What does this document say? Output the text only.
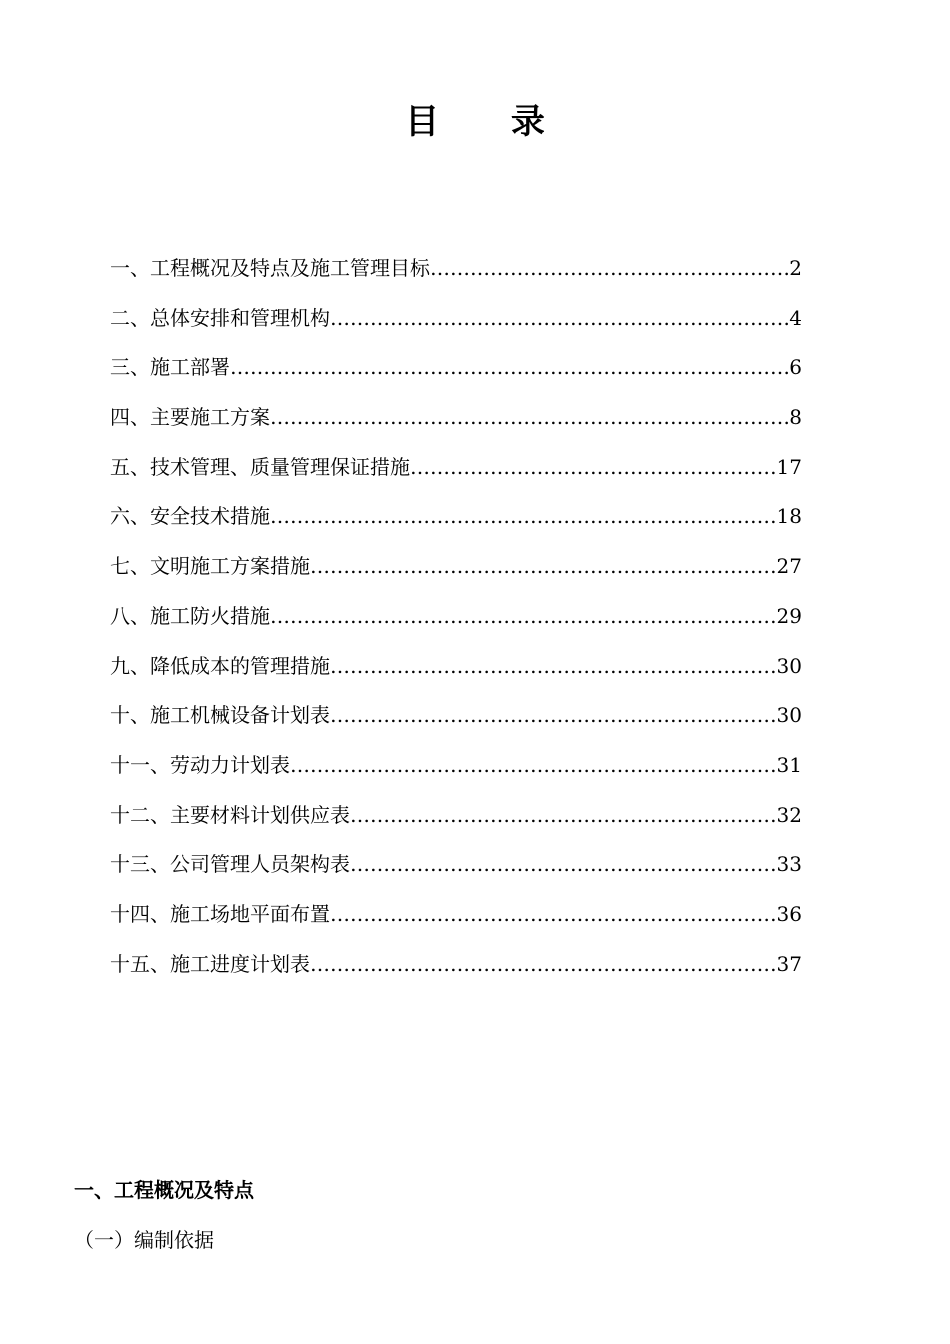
目 录
一、工程概况及特点及施工管理目标 …………………………………………………………………………………………………………………………………………………………………………	2
二、总体安排和管理机构 …………………………………………………………………………………………………………………………………………………………………………	4
三、施工部署 …………………………………………………………………………………………………………………………………………………………………………	6
四、主要施工方案 …………………………………………………………………………………………………………………………………………………………………………	8
五、技术管理、质量管理保证措施 …………………………………………………………………………………………………………………………………………………………………………	17
六、安全技术措施 …………………………………………………………………………………………………………………………………………………………………………	18
七、文明施工方案措施 …………………………………………………………………………………………………………………………………………………………………………	27
八、施工防火措施 …………………………………………………………………………………………………………………………………………………………………………	29
九、降低成本的管理措施 …………………………………………………………………………………………………………………………………………………………………………	30
十、施工机械设备计划表 …………………………………………………………………………………………………………………………………………………………………………	30
十一、劳动力计划表 …………………………………………………………………………………………………………………………………………………………………………	31
十二、主要材料计划供应表 …………………………………………………………………………………………………………………………………………………………………………	32
十三、公司管理人员架构表 …………………………………………………………………………………………………………………………………………………………………………	33
十四、施工场地平面布置 …………………………………………………………………………………………………………………………………………………………………………	36
十五、施工进度计划表 …………………………………………………………………………………………………………………………………………………………………………	37
一、工程概况及特点
（一）编制依据
